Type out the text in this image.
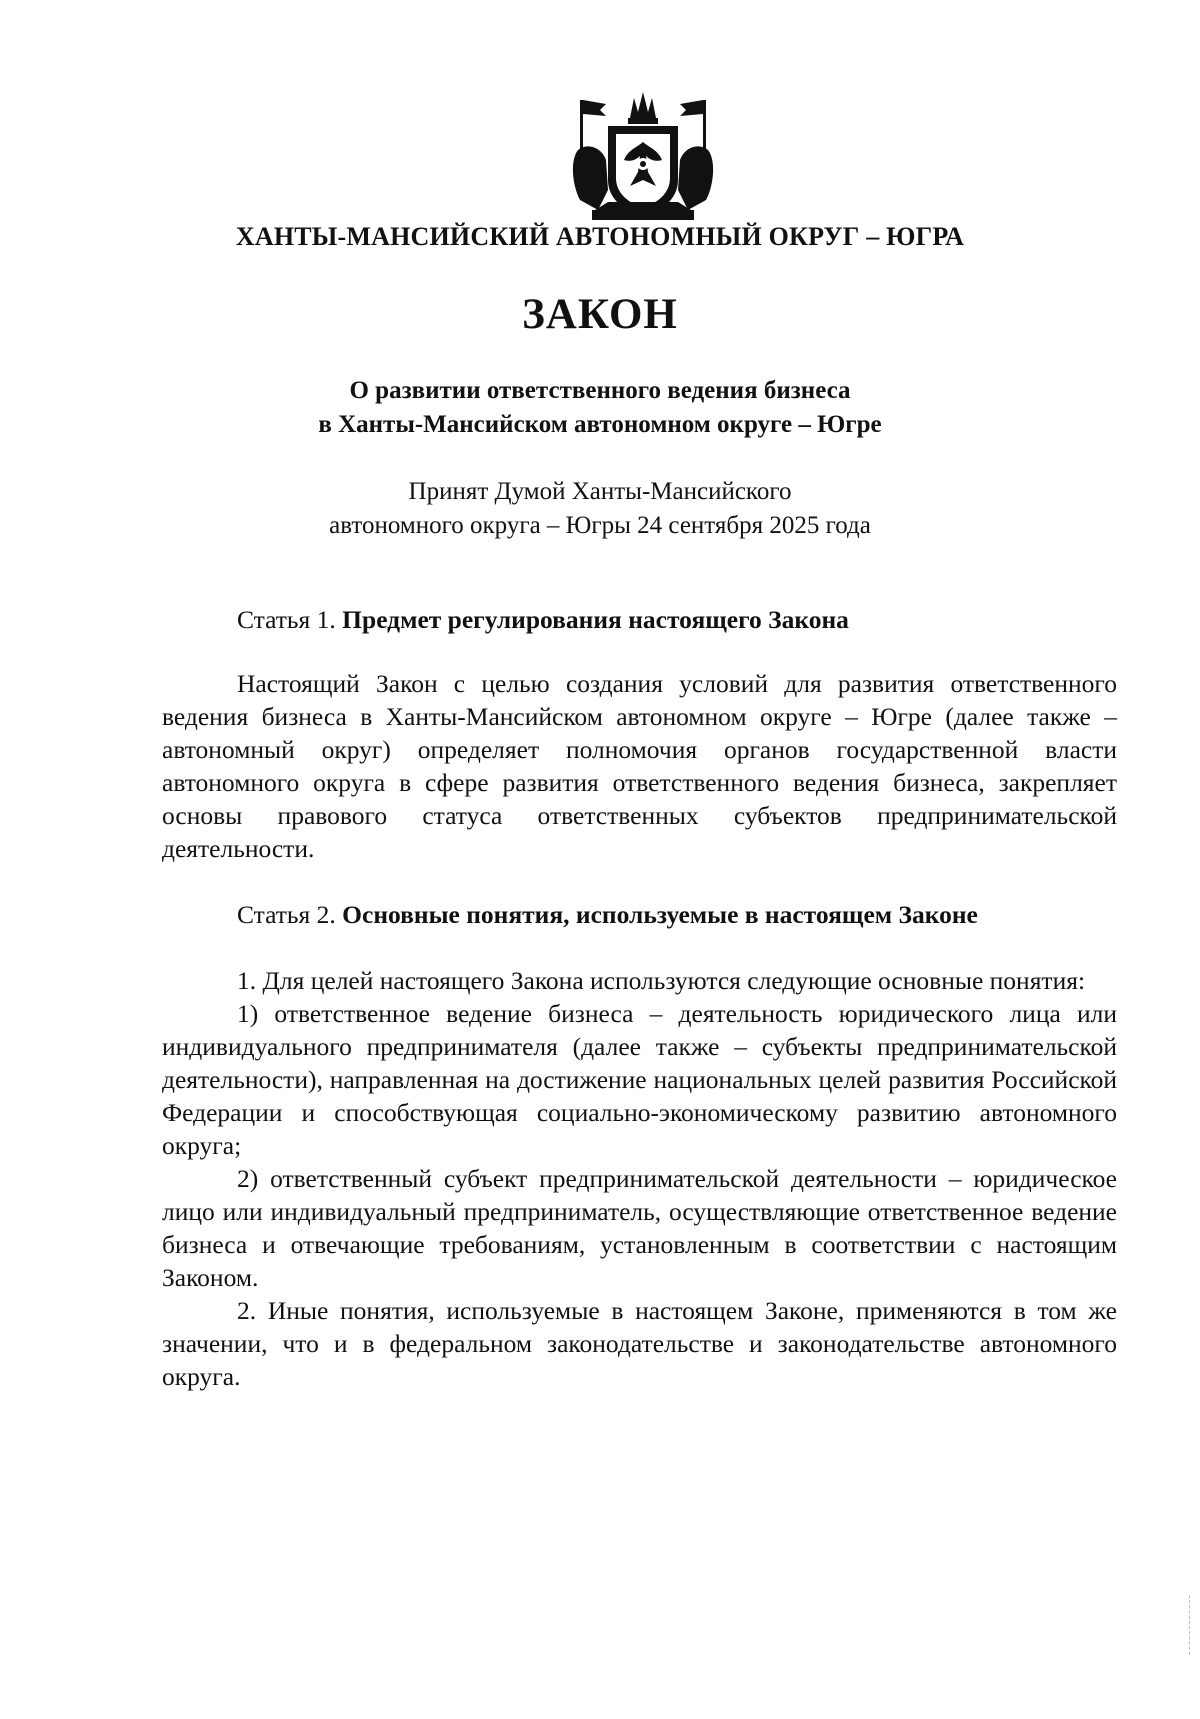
ХАНТЫ-МАНСИЙСКИЙ АВТОНОМНЫЙ ОКРУГ – ЮГРА
ЗАКОН
О развитии ответственного ведения бизнеса
в Ханты-Мансийском автономном округе – Югре
Принят Думой Ханты-Мансийского
автономного округа – Югры 24 сентября 2025 года
Статья 1. Предмет регулирования настоящего Закона

Настоящий Закон с целью создания условий для развития ответственного ведения бизнеса в Ханты-Мансийском автономном округе – Югре (далее также – автономный округ) определяет полномочия органов государственной власти автономного округа в сфере развития ответственного ведения бизнеса, закрепляет основы правового статуса ответственных субъектов предпринимательской деятельности.

Статья 2. Основные понятия, используемые в настоящем Законе

1. Для целей настоящего Закона используются следующие основные понятия:

1) ответственное ведение бизнеса – деятельность юридического лица или индивидуального предпринимателя (далее также – субъекты предпринимательской деятельности), направленная на достижение национальных целей развития Российской Федерации и способствующая социально-экономическому развитию автономного округа;

2) ответственный субъект предпринимательской деятельности – юридическое лицо или индивидуальный предприниматель, осуществляющие ответственное ведение бизнеса и отвечающие требованиям, установленным в соответствии с настоящим Законом.

2. Иные понятия, используемые в настоящем Законе, применяются в том же значении, что и в федеральном законодательстве и законодательстве автономного округа.
